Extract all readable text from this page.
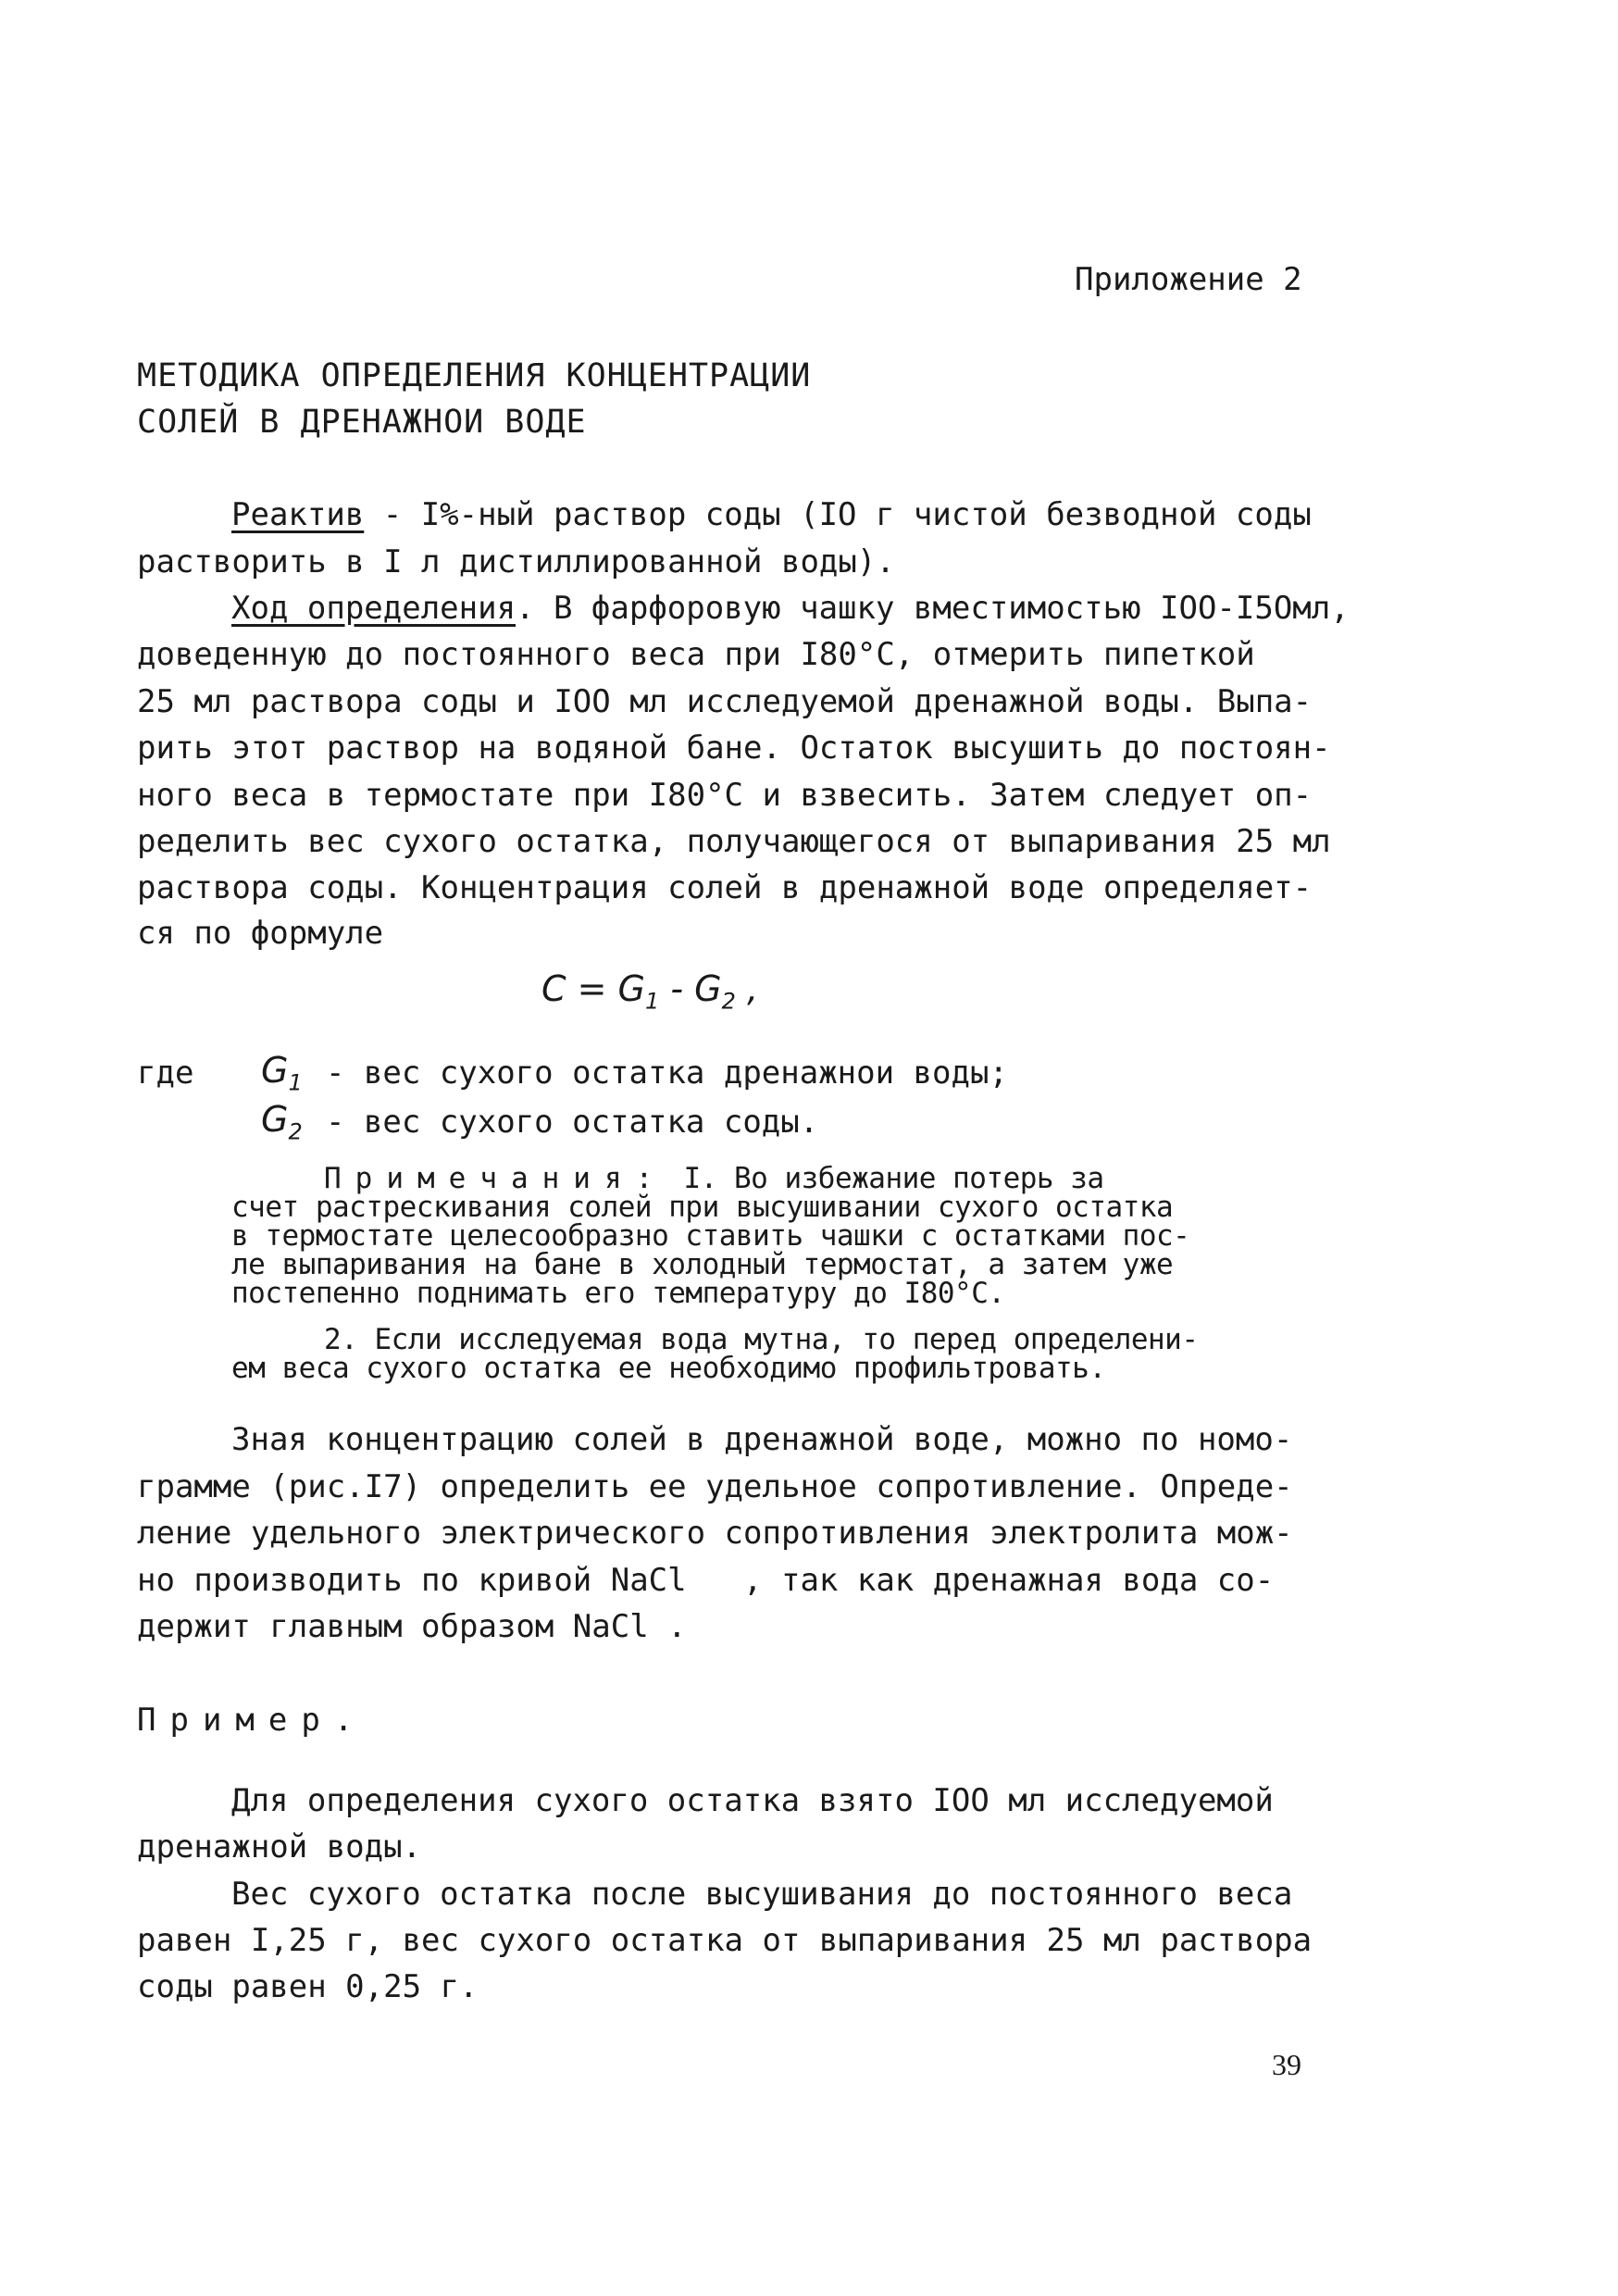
Приложение 2
МЕТОДИКА ОПРЕДЕЛЕНИЯ КОНЦЕНТРАЦИИ
СОЛЕЙ В ДРЕНАЖНОИ ВОДЕ
Реактив - I%-ный раствор соды (IO г чистой безводной соды
растворить в I л дистиллированной воды).
Ход определения. В фарфоровую чашку вместимостью IOO-I5Oмл,
доведенную до постоянного веса при I80°C, отмерить пипеткой
25 мл раствора соды и IOO мл исследуемой дренажной воды. Выпа-
рить этот раствор на водяной бане. Остаток высушить до постоян-
ного веса в термостате при I80°C и взвесить. Затем следует оп-
ределить вес сухого остатка, получающегося от выпаривания 25 мл
раствора соды. Концентрация солей в дренажной воде определяет-
ся по формуле
$C = G_1 - G_2$ ,
где $G_1$ - вес сухого остатка дренажнои воды;
$G_2$ - вес сухого остатка соды.
Примечания: I. Во избежание потерь за
счет растрескивания солей при высушивании сухого остатка
в термостате целесообразно ставить чашки с остатками пос-
ле выпаривания на бане в холодный термостат, а затем уже
постепенно поднимать его температуру до I80°C.
2. Если исследуемая вода мутна, то перед определени-
ем веса сухого остатка ее необходимо профильтровать.
Зная концентрацию солей в дренажной воде, можно по номо-
грамме (рис.I7) определить ее удельное сопротивление. Опреде-
ление удельного электрического сопротивления электролита мож-
но производить по кривой NaCl   , так как дренажная вода со-
держит главным образом NaCl .
Пример.
Для определения сухого остатка взято IOO мл исследуемой
дренажной воды.
Вес сухого остатка после высушивания до постоянного веса
равен I,25 г, вес сухого остатка от выпаривания 25 мл раствора
соды равен 0,25 г.
39
